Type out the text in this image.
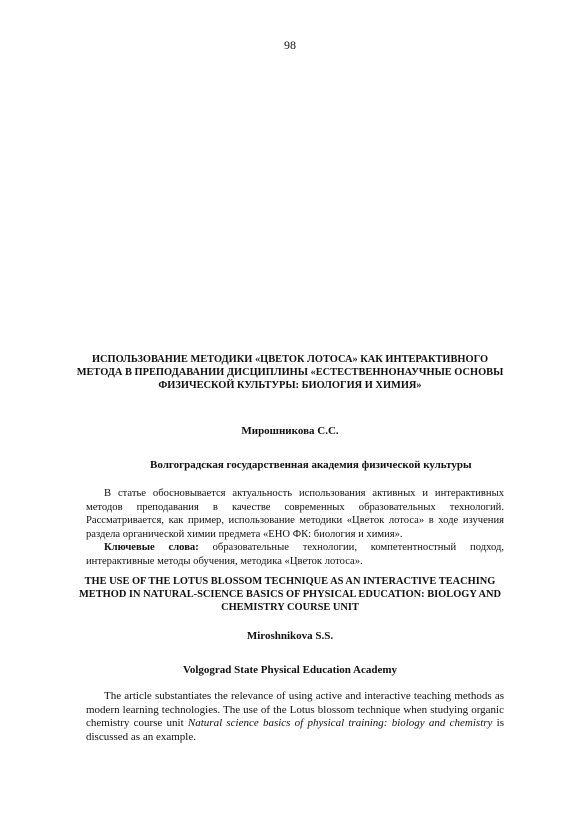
98
ИСПОЛЬЗОВАНИЕ МЕТОДИКИ «ЦВЕТОК ЛОТОСА» КАК ИНТЕРАКТИВНОГО МЕТОДА В ПРЕПОДАВАНИИ ДИСЦИПЛИНЫ «ЕСТЕСТВЕННОНАУЧНЫЕ ОСНОВЫ ФИЗИЧЕСКОЙ КУЛЬТУРЫ: БИОЛОГИЯ И ХИМИЯ»
Мирошникова С.С.
Волгоградская государственная академия физической культуры

В статье обосновывается актуальность использования активных и интерактивных методов преподавания в качестве современных образовательных технологий. Рассматривается, как пример, использование методики «Цветок лотоса» в ходе изучения раздела органической химии предмета «ЕНО ФК: биология и химия».

Ключевые слова: образовательные технологии, компетентностный подход, интерактивные методы обучения, методика «Цветок лотоса».

THE USE OF THE LOTUS BLOSSOM TECHNIQUE AS AN INTERACTIVE TEACHING METHOD IN NATURAL-SCIENCE BASICS OF PHYSICAL EDUCATION: BIOLOGY AND CHEMISTRY COURSE UNIT
Miroshnikova S.S.
Volgograd State Physical Education Academy

The article substantiates the relevance of using active and interactive teaching methods as modern learning technologies. The use of the Lotus blossom technique when studying organic chemistry course unit Natural science basics of physical training: biology and chemistry is discussed as an example.
